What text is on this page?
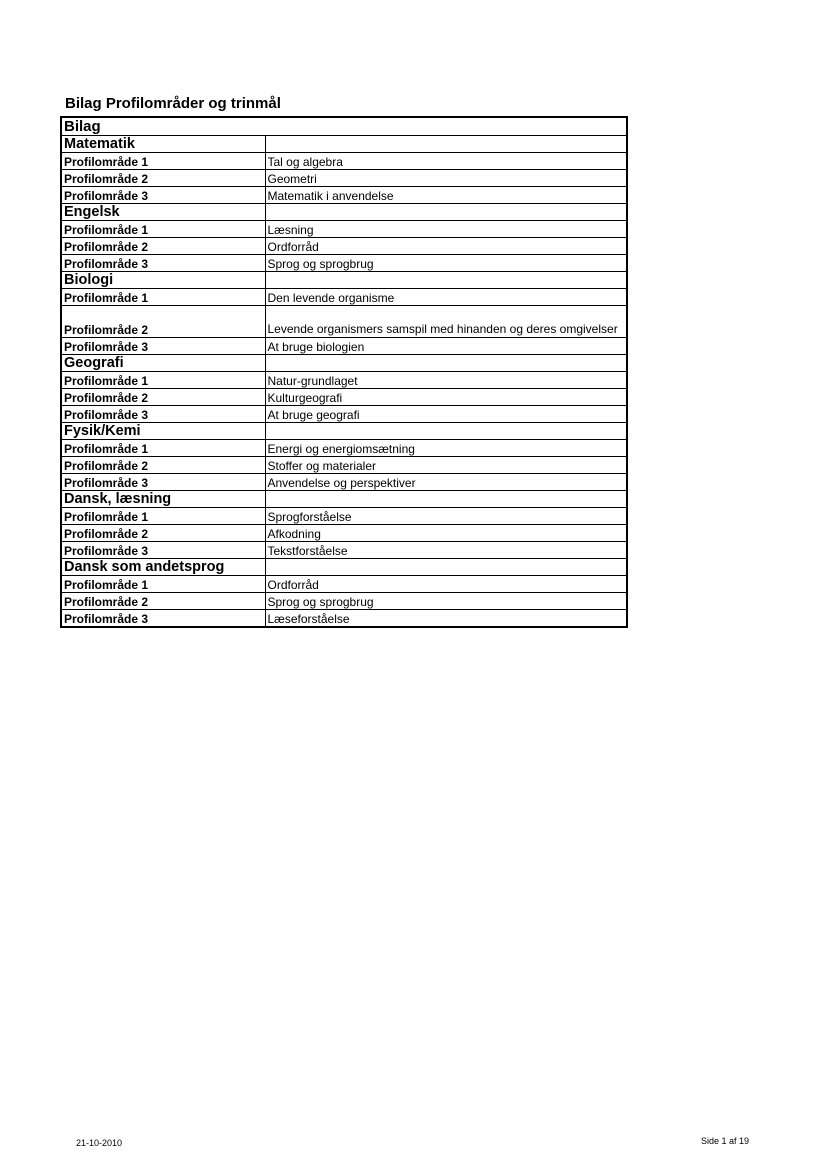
Bilag Profilområder og trinmål
Bilag	
Matematik	
Profilområde 1	Tal og algebra
Profilområde 2	Geometri
Profilområde 3	Matematik i anvendelse
Engelsk	
Profilområde 1	Læsning
Profilområde 2	Ordforråd
Profilområde 3	Sprog og sprogbrug
Biologi	
Profilområde 1	Den levende organisme
Profilområde 2	Levende organismers samspil med hinanden og deres omgivelser
Profilområde 3	At bruge biologien
Geografi	
Profilområde 1	Natur-grundlaget
Profilområde 2	Kulturgeografi
Profilområde 3	At bruge geografi
Fysik/Kemi	
Profilområde 1	Energi og energiomsætning
Profilområde 2	Stoffer og materialer
Profilområde 3	Anvendelse og perspektiver
Dansk, læsning	
Profilområde 1	Sprogforståelse
Profilområde 2	Afkodning
Profilområde 3	Tekstforståelse
Dansk som andetsprog	
Profilområde 1	Ordforråd
Profilområde 2	Sprog og sprogbrug
Profilområde 3	Læseforståelse
21-10-2010	Side 1 af 19
